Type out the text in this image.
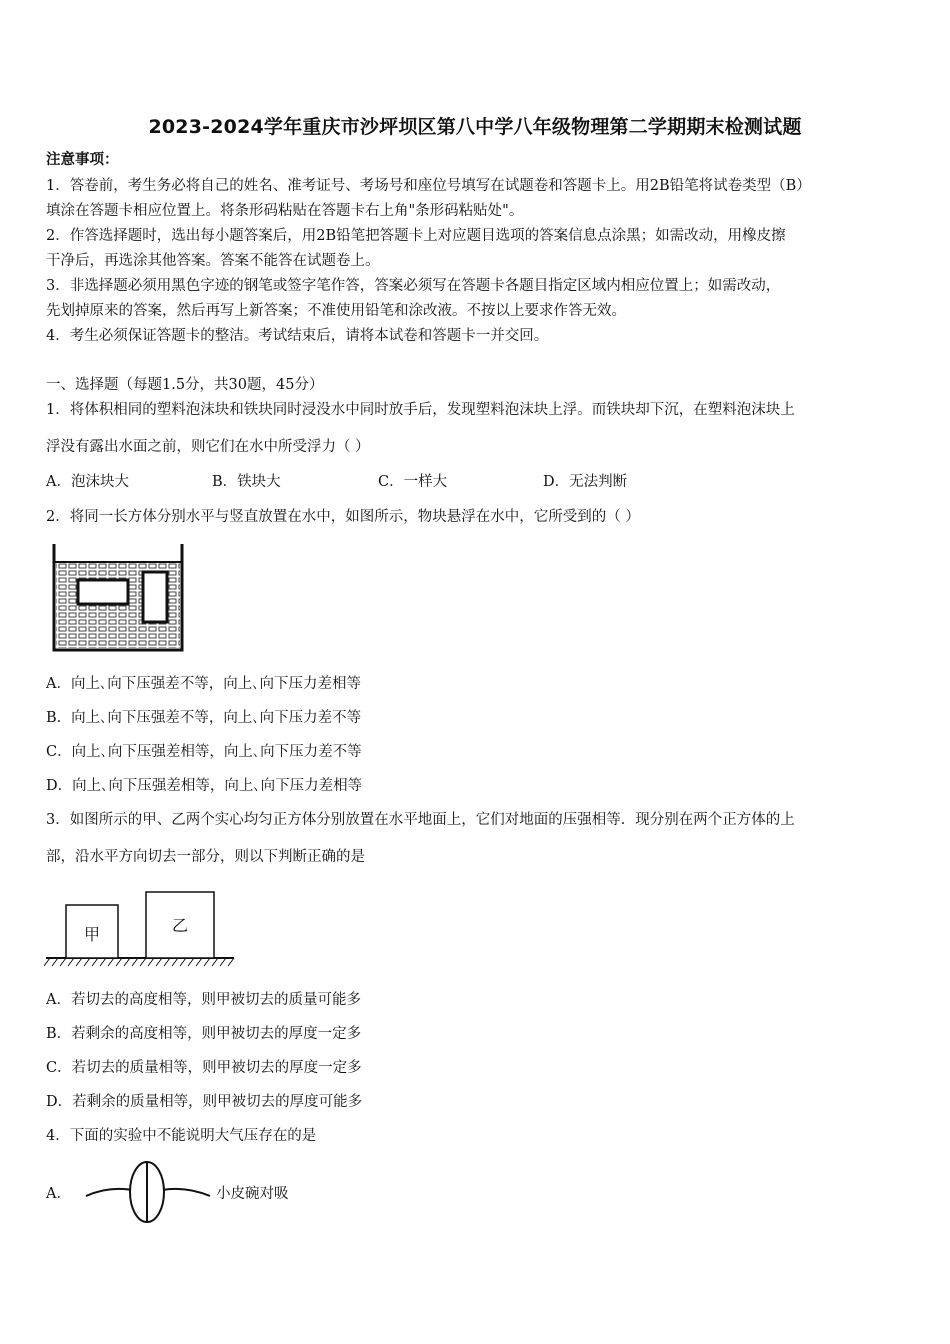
2023-2024学年重庆市沙坪坝区第八中学八年级物理第二学期期末检测试题
注意事项：
1．答卷前，考生务必将自己的姓名、准考证号、考场号和座位号填写在试题卷和答题卡上。用2B铅笔将试卷类型（B）
填涂在答题卡相应位置上。将条形码粘贴在答题卡右上角"条形码粘贴处"。
2．作答选择题时，选出每小题答案后，用2B铅笔把答题卡上对应题目选项的答案信息点涂黑；如需改动，用橡皮擦
干净后，再选涂其他答案。答案不能答在试题卷上。
3．非选择题必须用黑色字迹的钢笔或签字笔作答，答案必须写在答题卡各题目指定区域内相应位置上；如需改动，
先划掉原来的答案，然后再写上新答案；不准使用铅笔和涂改液。不按以上要求作答无效。
4．考生必须保证答题卡的整洁。考试结束后，请将本试卷和答题卡一并交回。
一、选择题（每题1.5分，共30题，45分）
1．将体积相同的塑料泡沫块和铁块同时浸没水中同时放手后，发现塑料泡沫块上浮。而铁块却下沉，在塑料泡沫块上
浮没有露出水面之前，则它们在水中所受浮力（ ）
A．泡沫块大	B．铁块大	C．一样大	D．无法判断
2．将同一长方体分别水平与竖直放置在水中，如图所示，物块悬浮在水中，它所受到的（ ）
A．向上､向下压强差不等，向上､向下压力差相等
B．向上､向下压强差不等，向上､向下压力差不等
C．向上､向下压强差相等，向上､向下压力差不等
D．向上､向下压强差相等，向上､向下压力差相等
3．如图所示的甲、乙两个实心均匀正方体分别放置在水平地面上，它们对地面的压强相等．现分别在两个正方体的上
部，沿水平方向切去一部分，则以下判断正确的是
甲	乙
A．若切去的高度相等，则甲被切去的质量可能多
B．若剩余的高度相等，则甲被切去的厚度一定多
C．若切去的质量相等，则甲被切去的厚度一定多
D．若剩余的质量相等，则甲被切去的厚度可能多
4．下面的实验中不能说明大气压存在的是
A．	小皮碗对吸
